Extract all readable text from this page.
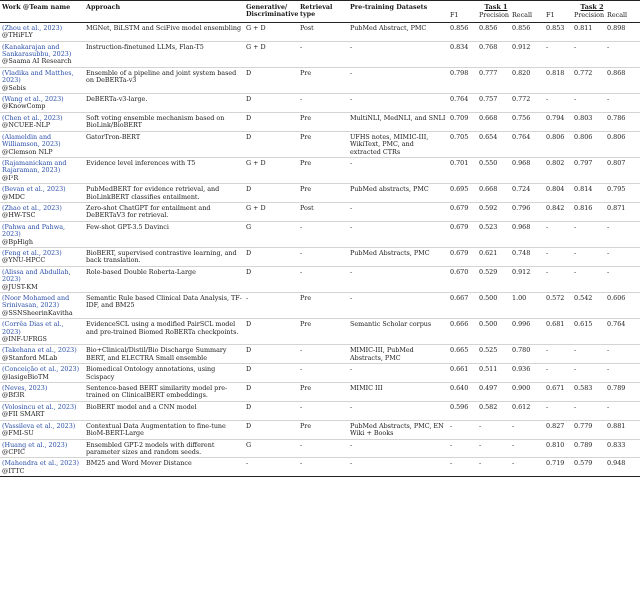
Work @Team name	Approach	Generative/ Discriminative	Retrieval type	Pre-training Datasets	Task 1			Task 2		
					F1	Precision	Recall	F1	Precision	Recall
(Zhou et al., 2023)
@THiFLY	MGNet, BiLSTM and SciFive model ensembling	G + D	Post	PubMed Abstract, PMC	0.856	0.856	0.856	0.853	0.811	0.898
(Kanakarajan and Sankarasubbu, 2023)
@Saama AI Research	Instruction-finetuned LLMs, Flan-T5	G + D	-	-	0.834	0.768	0.912	-	-	-
(Vladika and Matthes, 2023)
@Sebis	Ensemble of a pipeline and joint system based on DeBERTa-v3	D	Pre	-	0.798	0.777	0.820	0.818	0.772	0.868
(Wang et al., 2023)
@KnowComp	DeBERTa-v3-large.	D	-	-	0.764	0.757	0.772	-	-	-
(Chen et al., 2023)
@NCUEE-NLP	Soft voting ensemble mechanism based on BioLink/BioBERT	D	Pre	MultiNLI, MedNLI, and SNLI	0.709	0.668	0.756	0.794	0.803	0.786
(Alameldin and Williamson, 2023)
@Clemson NLP	GatorTron-BERT	D	Pre	UFHS notes, MIMIC-III, WikiText, PMC, and extracted CTRs	0.705	0.654	0.764	0.806	0.806	0.806
(Rajamanickam and Rajaraman, 2023)
@I²R	Evidence level inferences with T5	G + D	Pre	-	0.701	0.550	0.968	0.802	0.797	0.807
(Bevan et al., 2023)
@MDC	PubMedBERT for evidence retrieval, and BioLinkBERT classifies entailment.	D	Pre	PubMed abstracts, PMC	0.695	0.668	0.724	0.804	0.814	0.795
(Zhao et al., 2023)
@HW-TSC	Zero-shot ChatGPT for entailment and DeBERTaV3 for retrieval.	G + D	Post	-	0.679	0.592	0.796	0.842	0.816	0.871
(Pahwa and Pahwa, 2023)
@BpHigh	Few-shot GPT-3.5 Davinci	G	-	-	0.679	0.523	0.968	-	-	-
(Feng et al., 2023)
@YNU-HPCC	BioBERT, supervised contrastive learning, and back translation.	D	-	PubMed Abstracts, PMC	0.679	0.621	0.748	-	-	-
(Alissa and Abdullah, 2023)
@JUST-KM	Role-based Double Roberta-Large	D	-	-	0.670	0.529	0.912	-	-	-
(Noor Mohamed and Srinivasan, 2023)
@SSNSheerinKavitha	Semantic Rule based Clinical Data Analysis, TF-IDF, and BM25	-	Pre	-	0.667	0.500	1.00	0.572	0.542	0.606
(Corrêa Dias et al., 2023)
@INF-UFRGS	EvidenceSCL using a modified PairSCL model and pre-trained Biomed RoBERTa checkpoints.	D	Pre	Semantic Scholar corpus	0.666	0.500	0.996	0.681	0.615	0.764
(Takehana et al., 2023)
@Stanford MLab	Bio+Clinical/Distil/Bio Discharge Summary BERT, and ELECTRA Small ensemble	D	-	MIMIC-III, PubMed Abstracts, PMC	0.665	0.525	0.780	-	-	-
(Conceição et al., 2023)
@lasigeBioTM	Biomedical Ontology annotations, using Scispacy	D	-	-	0.661	0.511	0.936	-	-	-
(Neves, 2023)
@Bf3R	Sentence-based BERT similarity model pre-trained on ClinicalBERT embeddings.	D	Pre	MIMIC III	0.640	0.497	0.900	0.671	0.583	0.789
(Volosincu et al., 2023)
@FII SMART	BioBERT model and a CNN model	D	-	-	0.596	0.582	0.612	-	-	-
(Vassileva et al., 2023)
@FMI-SU	Contextual Data Augmentation to fine-tune BioM-BERT-Large	D	Pre	PubMed Abstracts, PMC, EN Wiki + Books	-	-	-	0.827	0.779	0.881
(Huang et al., 2023)
@CPIC	Ensembled GPT-2 models with different parameter sizes and random seeds.	G	-	-	-	-	-	0.810	0.789	0.833
(Mahendra et al., 2023)
@ITTC	BM25 and Word Mover Distance	-	-	-	-	-	-	0.719	0.579	0.948
